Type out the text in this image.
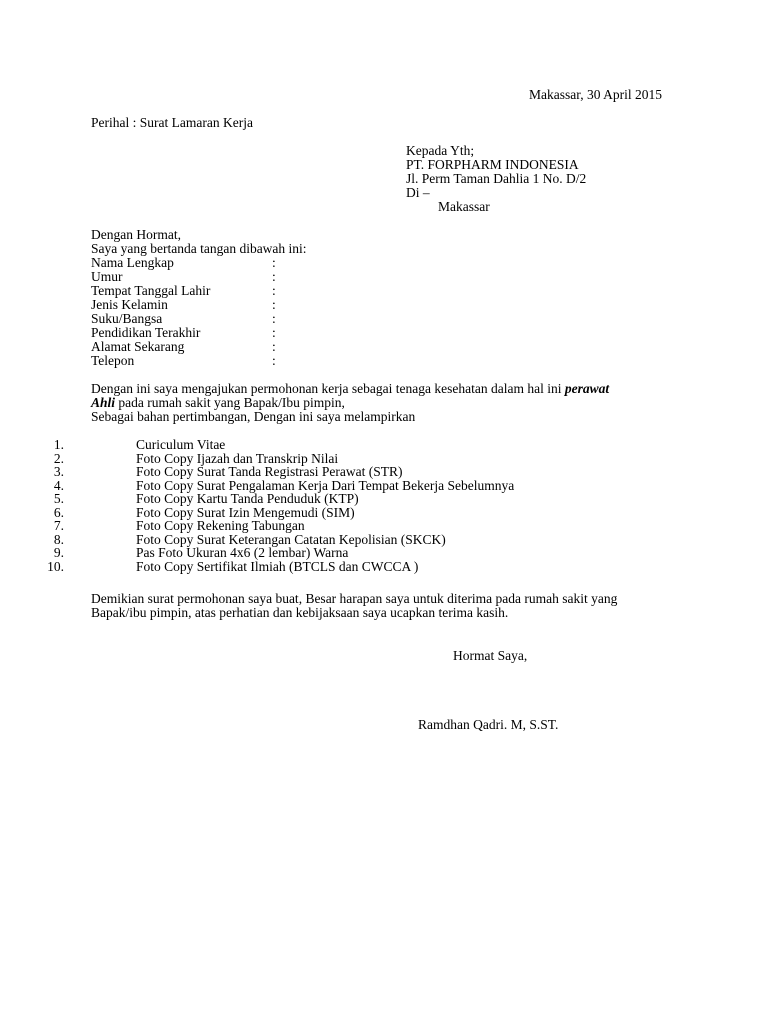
Makassar, 30 April 2015
Perihal : Surat Lamaran Kerja
Kepada Yth;
PT. FORPHARM INDONESIA
Jl. Perm Taman Dahlia 1 No. D/2
Di –
Makassar
Dengan Hormat,
Saya yang bertanda tangan dibawah ini:
Nama Lengkap	:
Umur	:
Tempat Tanggal Lahir	:
Jenis Kelamin	:
Suku/Bangsa	:
Pendidikan Terakhir	:
Alamat Sekarang	:
Telepon	:
Dengan ini saya mengajukan permohonan kerja sebagai tenaga kesehatan dalam hal ini perawat
Ahli pada rumah sakit yang Bapak/Ibu pimpin,
Sebagai bahan pertimbangan, Dengan ini saya melampirkan
1.	Curiculum Vitae
2.	Foto Copy Ijazah dan Transkrip Nilai
3.	Foto Copy Surat Tanda Registrasi Perawat (STR)
4.	Foto Copy Surat Pengalaman Kerja Dari Tempat Bekerja Sebelumnya
5.	Foto Copy Kartu Tanda Penduduk (KTP)
6.	Foto Copy Surat Izin Mengemudi (SIM)
7.	Foto Copy Rekening Tabungan
8.	Foto Copy Surat Keterangan Catatan Kepolisian (SKCK)
9.	Pas Foto Ukuran 4x6 (2 lembar) Warna
10.	Foto Copy Sertifikat Ilmiah (BTCLS dan CWCCA )
Demikian surat permohonan saya buat, Besar harapan saya untuk diterima pada rumah sakit yang
Bapak/ibu pimpin, atas perhatian dan kebijaksaan saya ucapkan terima kasih.
Hormat Saya,
Ramdhan Qadri. M, S.ST.
